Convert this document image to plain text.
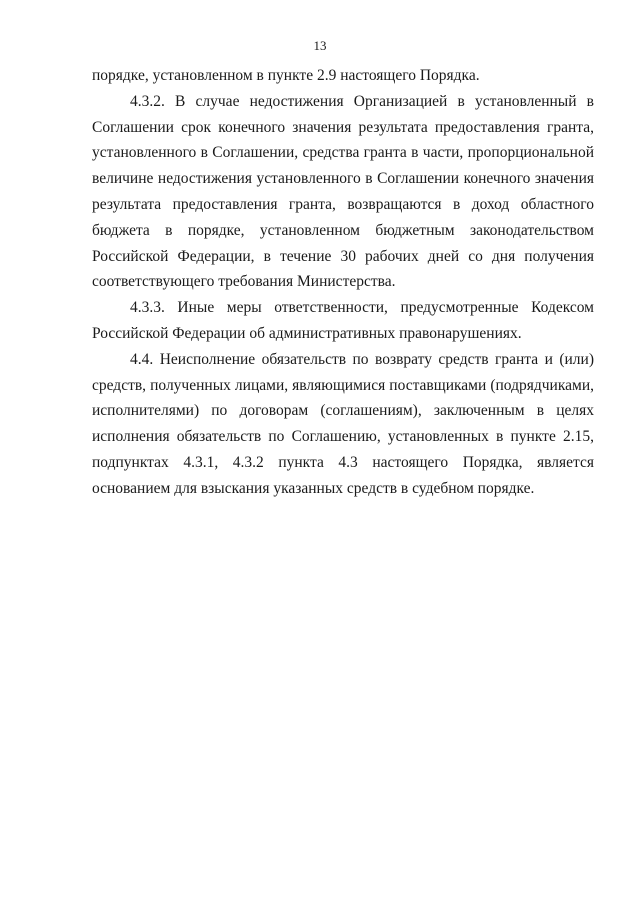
13

порядке, установленном в пункте 2.9 настоящего Порядка.

4.3.2. В случае недостижения Организацией в установленный в Соглашении срок конечного значения результата предоставления гранта, установленного в Соглашении, средства гранта в части, пропорциональной величине недостижения установленного в Соглашении конечного значения результата предоставления гранта, возвращаются в доход областного бюджета в порядке, установленном бюджетным законодательством Российской Федерации, в течение 30 рабочих дней со дня получения соответствующего требования Министерства.

4.3.3. Иные меры ответственности, предусмотренные Кодексом Российской Федерации об административных правонарушениях.

4.4. Неисполнение обязательств по возврату средств гранта и (или) средств, полученных лицами, являющимися поставщиками (подрядчиками, исполнителями) по договорам (соглашениям), заключенным в целях исполнения обязательств по Соглашению, установленных в пункте 2.15, подпунктах 4.3.1, 4.3.2 пункта 4.3 настоящего Порядка, является основанием для взыскания указанных средств в судебном порядке.
